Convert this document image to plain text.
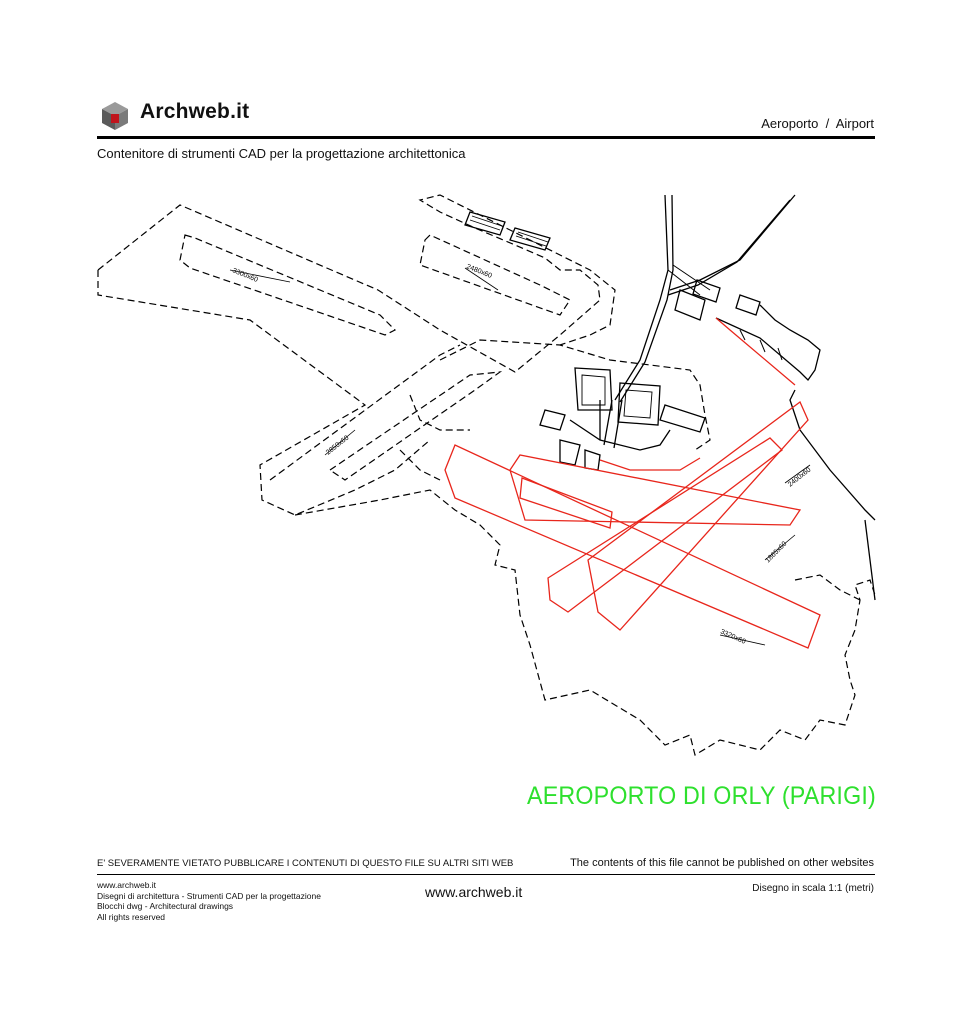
Archweb.it
Aeroporto  /  Airport
Contenitore di strumenti CAD per la progettazione architettonica
3300x60	2480x60
2850x60
2400x60
1865x60
3320x60
AEROPORTO DI ORLY (PARIGI)
E' SEVERAMENTE VIETATO PUBBLICARE I CONTENUTI DI QUESTO FILE SU ALTRI SITI WEB	The contents of this file cannot be published on other websites
www.archweb.it
Disegni di architettura - Strumenti CAD per la progettazione
Blocchi dwg - Architectural drawings
All rights reserved
www.archweb.it	Disegno in scala 1:1 (metri)
